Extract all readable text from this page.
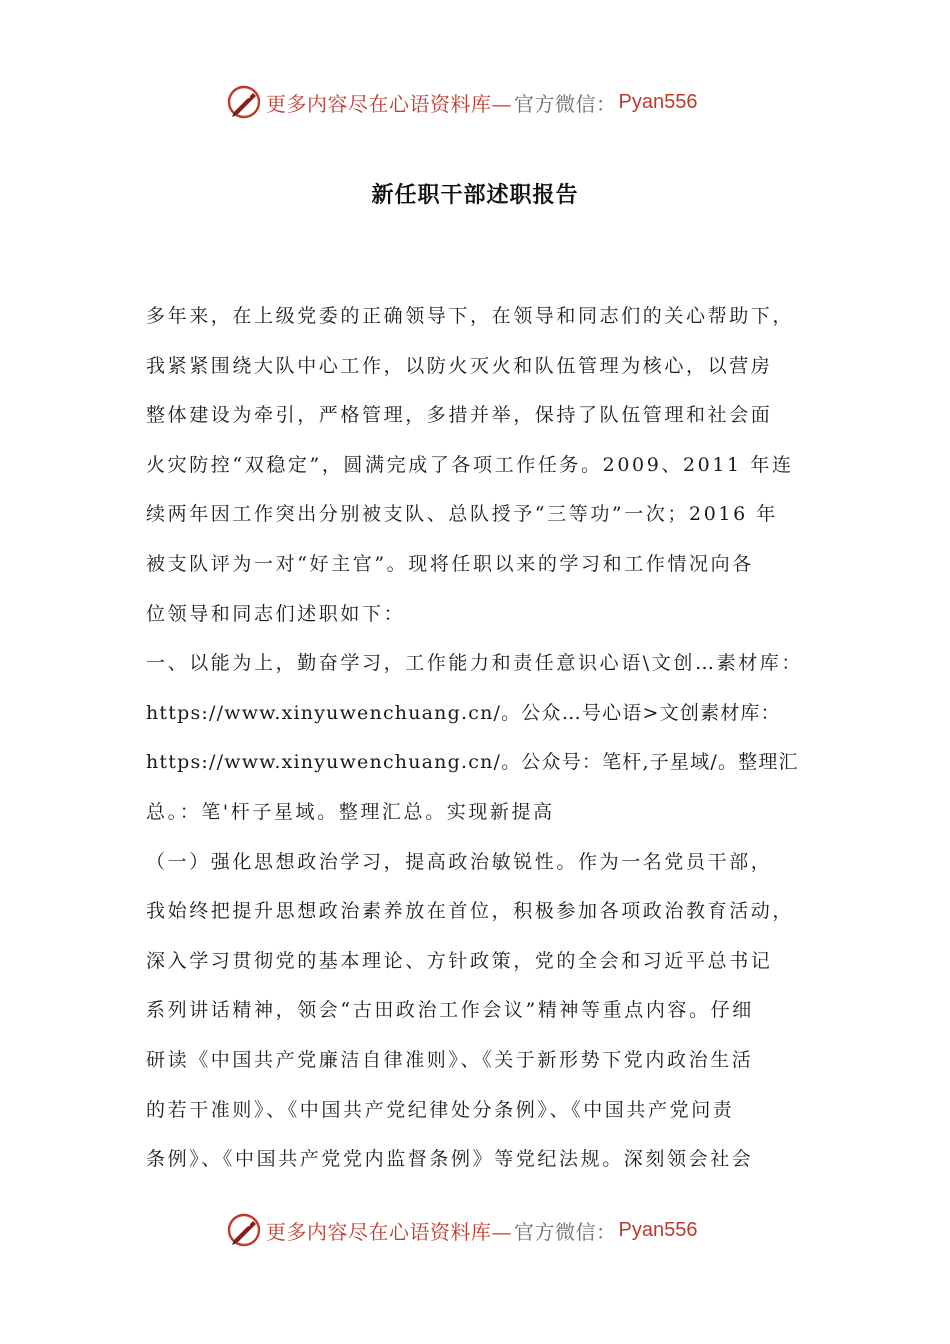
更多内容尽在心语资料库— 官方微信： Pyan556
新任职干部述职报告
多年来，在上级党委的正确领导下，在领导和同志们的关心帮助下，
我紧紧围绕大队中心工作，以防火灭火和队伍管理为核心，以营房
整体建设为牵引，严格管理，多措并举，保持了队伍管理和社会面
火灾防控“双稳定”，圆满完成了各项工作任务。2009、2011 年连
续两年因工作突出分别被支队、总队授予“三等功”一次；2016 年
被支队评为一对“好主官”。现将任职以来的学习和工作情况向各
位领导和同志们述职如下：
一、以能为上，勤奋学习，工作能力和责任意识心语\文创…素材库：
https://www.xinyuwenchuang.cn/。公众…号心语>文创素材库：
https://www.xinyuwenchuang.cn/。公众号：笔杆,子星域/。整理汇
总。：笔'杆子星域。整理汇总。实现新提高
（一）强化思想政治学习，提高政治敏锐性。作为一名党员干部，
我始终把提升思想政治素养放在首位，积极参加各项政治教育活动，
深入学习贯彻党的基本理论、方针政策，党的全会和习近平总书记
系列讲话精神，领会“古田政治工作会议”精神等重点内容。仔细
研读《中国共产党廉洁自律准则》、《关于新形势下党内政治生活
的若干准则》、《中国共产党纪律处分条例》、《中国共产党问责
条例》、《中国共产党党内监督条例》等党纪法规。深刻领会社会
更多内容尽在心语资料库— 官方微信： Pyan556
